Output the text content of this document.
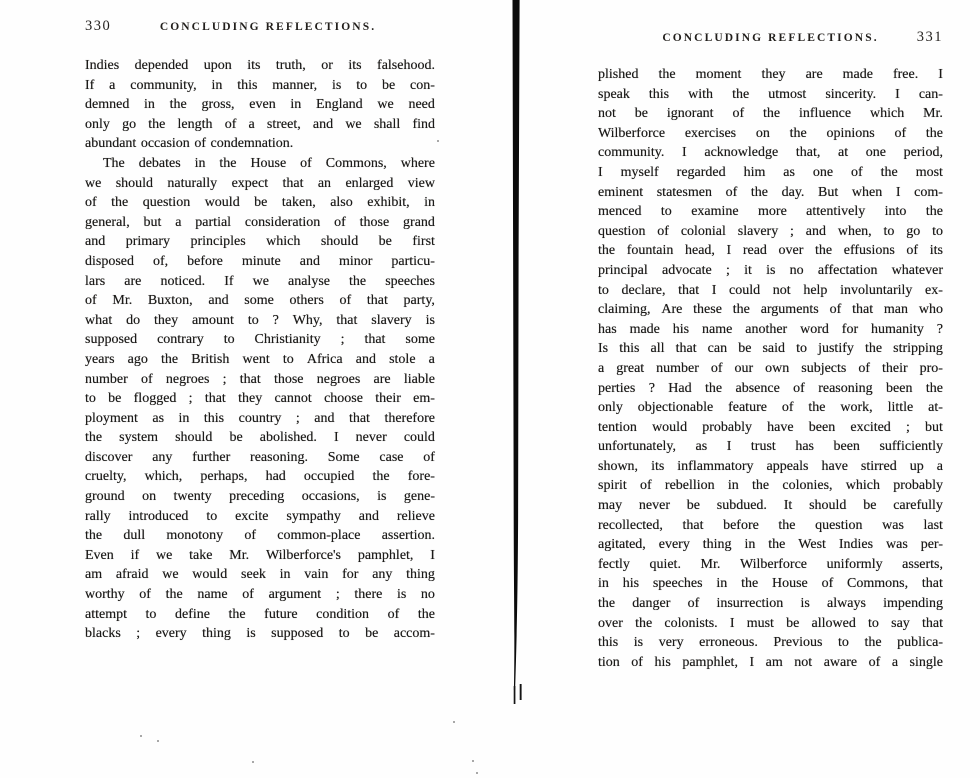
330	CONCLUDING REFLECTIONS.
Indies depended upon its truth, or its falsehood.
If a community, in this manner, is to be con-
demned in the gross, even in England we need
only go the length of a street, and we shall find
abundant occasion of condemnation.
The debates in the House of Commons, where
we should naturally expect that an enlarged view
of the question would be taken, also exhibit, in
general, but a partial consideration of those grand
and primary principles which should be first
disposed of, before minute and minor particu-
lars are noticed. If we analyse the speeches
of Mr. Buxton, and some others of that party,
what do they amount to ? Why, that slavery is
supposed contrary to Christianity ; that some
years ago the British went to Africa and stole a
number of negroes ; that those negroes are liable
to be flogged ; that they cannot choose their em-
ployment as in this country ; and that therefore
the system should be abolished. I never could
discover any further reasoning. Some case of
cruelty, which, perhaps, had occupied the fore-
ground on twenty preceding occasions, is gene-
rally introduced to excite sympathy and relieve
the dull monotony of common-place assertion.
Even if we take Mr. Wilberforce's pamphlet, I
am afraid we would seek in vain for any thing
worthy of the name of argument ; there is no
attempt to define the future condition of the
blacks ; every thing is supposed to be accom-
CONCLUDING REFLECTIONS.	331
plished the moment they are made free. I
speak this with the utmost sincerity. I can-
not be ignorant of the influence which Mr.
Wilberforce exercises on the opinions of the
community. I acknowledge that, at one period,
I myself regarded him as one of the most
eminent statesmen of the day. But when I com-
menced to examine more attentively into the
question of colonial slavery ; and when, to go to
the fountain head, I read over the effusions of its
principal advocate ; it is no affectation whatever
to declare, that I could not help involuntarily ex-
claiming, Are these the arguments of that man who
has made his name another word for humanity ?
Is this all that can be said to justify the stripping
a great number of our own subjects of their pro-
perties ? Had the absence of reasoning been the
only objectionable feature of the work, little at-
tention would probably have been excited ; but
unfortunately, as I trust has been sufficiently
shown, its inflammatory appeals have stirred up a
spirit of rebellion in the colonies, which probably
may never be subdued. It should be carefully
recollected, that before the question was last
agitated, every thing in the West Indies was per-
fectly quiet. Mr. Wilberforce uniformly asserts,
in his speeches in the House of Commons, that
the danger of insurrection is always impending
over the colonists. I must be allowed to say that
this is very erroneous. Previous to the publica-
tion of his pamphlet, I am not aware of a single
